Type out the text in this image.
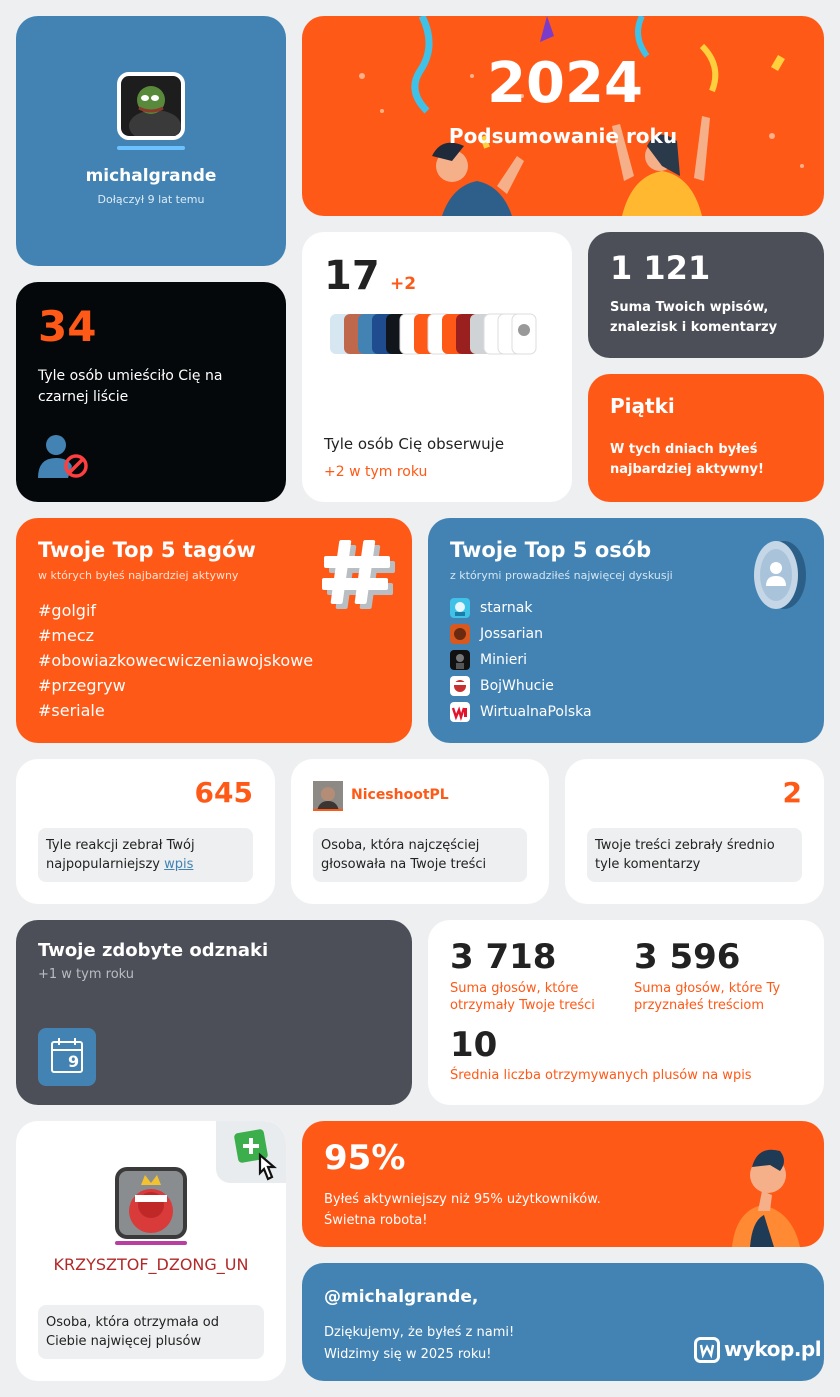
michalgrande
Dołączył 9 lat temu
2024
Podsumowanie roku
17 +2
Tyle osób Cię obserwuje
+2 w tym roku
1 121
Suma Twoich wpisów, znalezisk i komentarzy
Piątki
W tych dniach byłeś najbardziej aktywny!
34
Tyle osób umieściło Cię na czarnej liście
Twoje Top 5 tagów
w których byłeś najbardziej aktywny
#golgif
#mecz
#obowiazkowecwiczeniawojskowe
#przegryw
#seriale
Twoje Top 5 osób
z którymi prowadziłeś najwięcej dyskusji
starnak
Jossarian
Minieri
BojWhucie
WirtualnaPolska
645
Tyle reakcji zebrał Twój najpopularniejszy wpis
NiceshootPL
Osoba, która najczęściej głosowała na Twoje treści
2
Twoje treści zebrały średnio tyle komentarzy
Twoje zdobyte odznaki
+1 w tym roku
9
3 718
Suma głosów, które otrzymały Twoje treści
3 596
Suma głosów, które Ty przyznałeś treściom
10
Średnia liczba otrzymywanych plusów na wpis
KRZYSZTOF_DZONG_UN
Osoba, która otrzymała od Ciebie najwięcej plusów
95%
Byłeś aktywniejszy niż 95% użytkowników. Świetna robota!
@michalgrande,
Dziękujemy, że byłeś z nami!
Widzimy się w 2025 roku!	wykop.pl
